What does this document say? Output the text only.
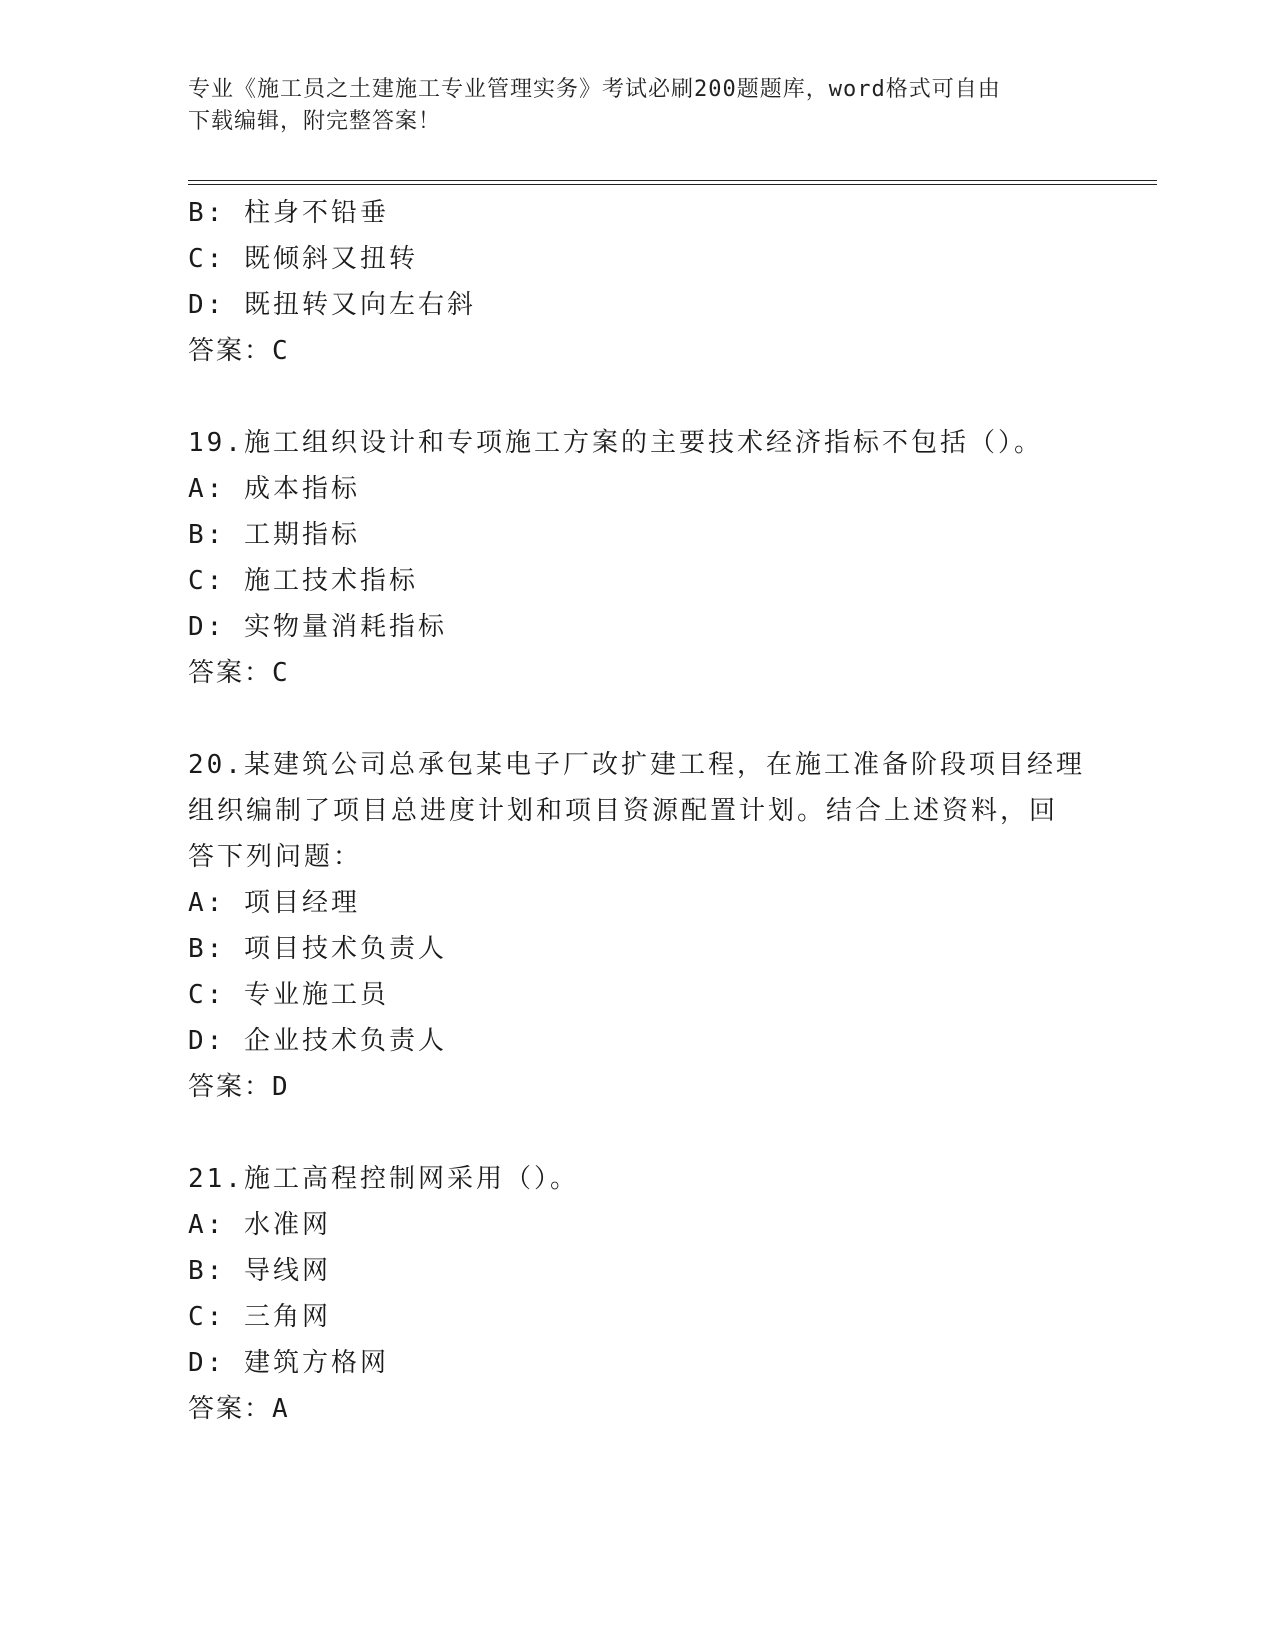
专业《施工员之土建施工专业管理实务》考试必刷200题题库，word格式可自由
下载编辑，附完整答案！
B: 柱身不铅垂
C: 既倾斜又扭转
D: 既扭转又向左右斜
答案：C
19.施工组织设计和专项施工方案的主要技术经济指标不包括（）。
A: 成本指标
B: 工期指标
C: 施工技术指标
D: 实物量消耗指标
答案：C
20.某建筑公司总承包某电子厂改扩建工程，在施工准备阶段项目经理
组织编制了项目总进度计划和项目资源配置计划。结合上述资料，回
答下列问题：
A: 项目经理
B: 项目技术负责人
C: 专业施工员
D: 企业技术负责人
答案：D
21.施工高程控制网采用（）。
A: 水准网
B: 导线网
C: 三角网
D: 建筑方格网
答案：A
